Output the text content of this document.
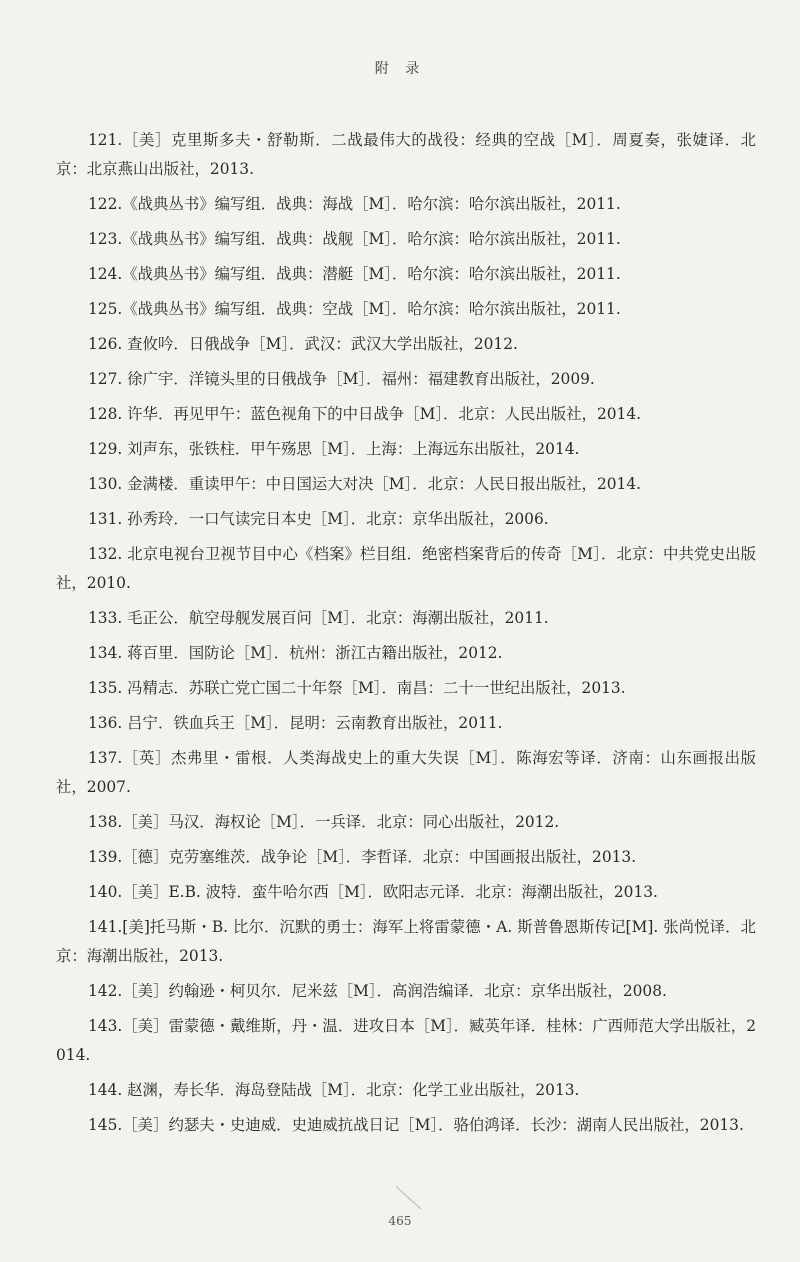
附 录

121.［美］克里斯多夫・舒勒斯．二战最伟大的战役：经典的空战［M］．周夏奏，张婕译．北京：北京燕山出版社，2013.

122.《战典丛书》编写组．战典：海战［M］．哈尔滨：哈尔滨出版社，2011.

123.《战典丛书》编写组．战典：战舰［M］．哈尔滨：哈尔滨出版社，2011.

124.《战典丛书》编写组．战典：潜艇［M］．哈尔滨：哈尔滨出版社，2011.

125.《战典丛书》编写组．战典：空战［M］．哈尔滨：哈尔滨出版社，2011.

126. 查攸吟．日俄战争［M］．武汉：武汉大学出版社，2012.

127. 徐广宇．洋镜头里的日俄战争［M］．福州：福建教育出版社，2009.

128. 许华．再见甲午：蓝色视角下的中日战争［M］．北京：人民出版社，2014.

129. 刘声东，张铁柱．甲午殇思［M］．上海：上海远东出版社，2014.

130. 金满楼．重读甲午：中日国运大对决［M］．北京：人民日报出版社，2014.

131. 孙秀玲．一口气读完日本史［M］．北京：京华出版社，2006.

132. 北京电视台卫视节目中心《档案》栏目组．绝密档案背后的传奇［M］．北京：中共党史出版社，2010.

133. 毛正公．航空母舰发展百问［M］．北京：海潮出版社，2011.

134. 蒋百里．国防论［M］．杭州：浙江古籍出版社，2012.

135. 冯精志．苏联亡党亡国二十年祭［M］．南昌：二十一世纪出版社，2013.

136. 吕宁．铁血兵王［M］．昆明：云南教育出版社，2011.

137.［英］杰弗里・雷根．人类海战史上的重大失误［M］．陈海宏等译．济南：山东画报出版社，2007.

138.［美］马汉．海权论［M］．一兵译．北京：同心出版社，2012.

139.［德］克劳塞维茨．战争论［M］．李哲译．北京：中国画报出版社，2013.

140.［美］E.B. 波特．蛮牛哈尔西［M］．欧阳志元译．北京：海潮出版社，2013.

141.[美]托马斯・B. 比尔．沉默的勇士：海军上将雷蒙德・A. 斯普鲁恩斯传记[M]. 张尚悦译．北京：海潮出版社，2013.

142.［美］约翰逊・柯贝尔．尼米兹［M］．高润浩编译．北京：京华出版社，2008.

143.［美］雷蒙德・戴维斯，丹・温．进攻日本［M］．臧英年译．桂林：广西师范大学出版社，2014.

144. 赵渊，寿长华．海岛登陆战［M］．北京：化学工业出版社，2013.

145.［美］约瑟夫・史迪威．史迪威抗战日记［M］．骆伯鸿译．长沙：湖南人民出版社，2013.

465
